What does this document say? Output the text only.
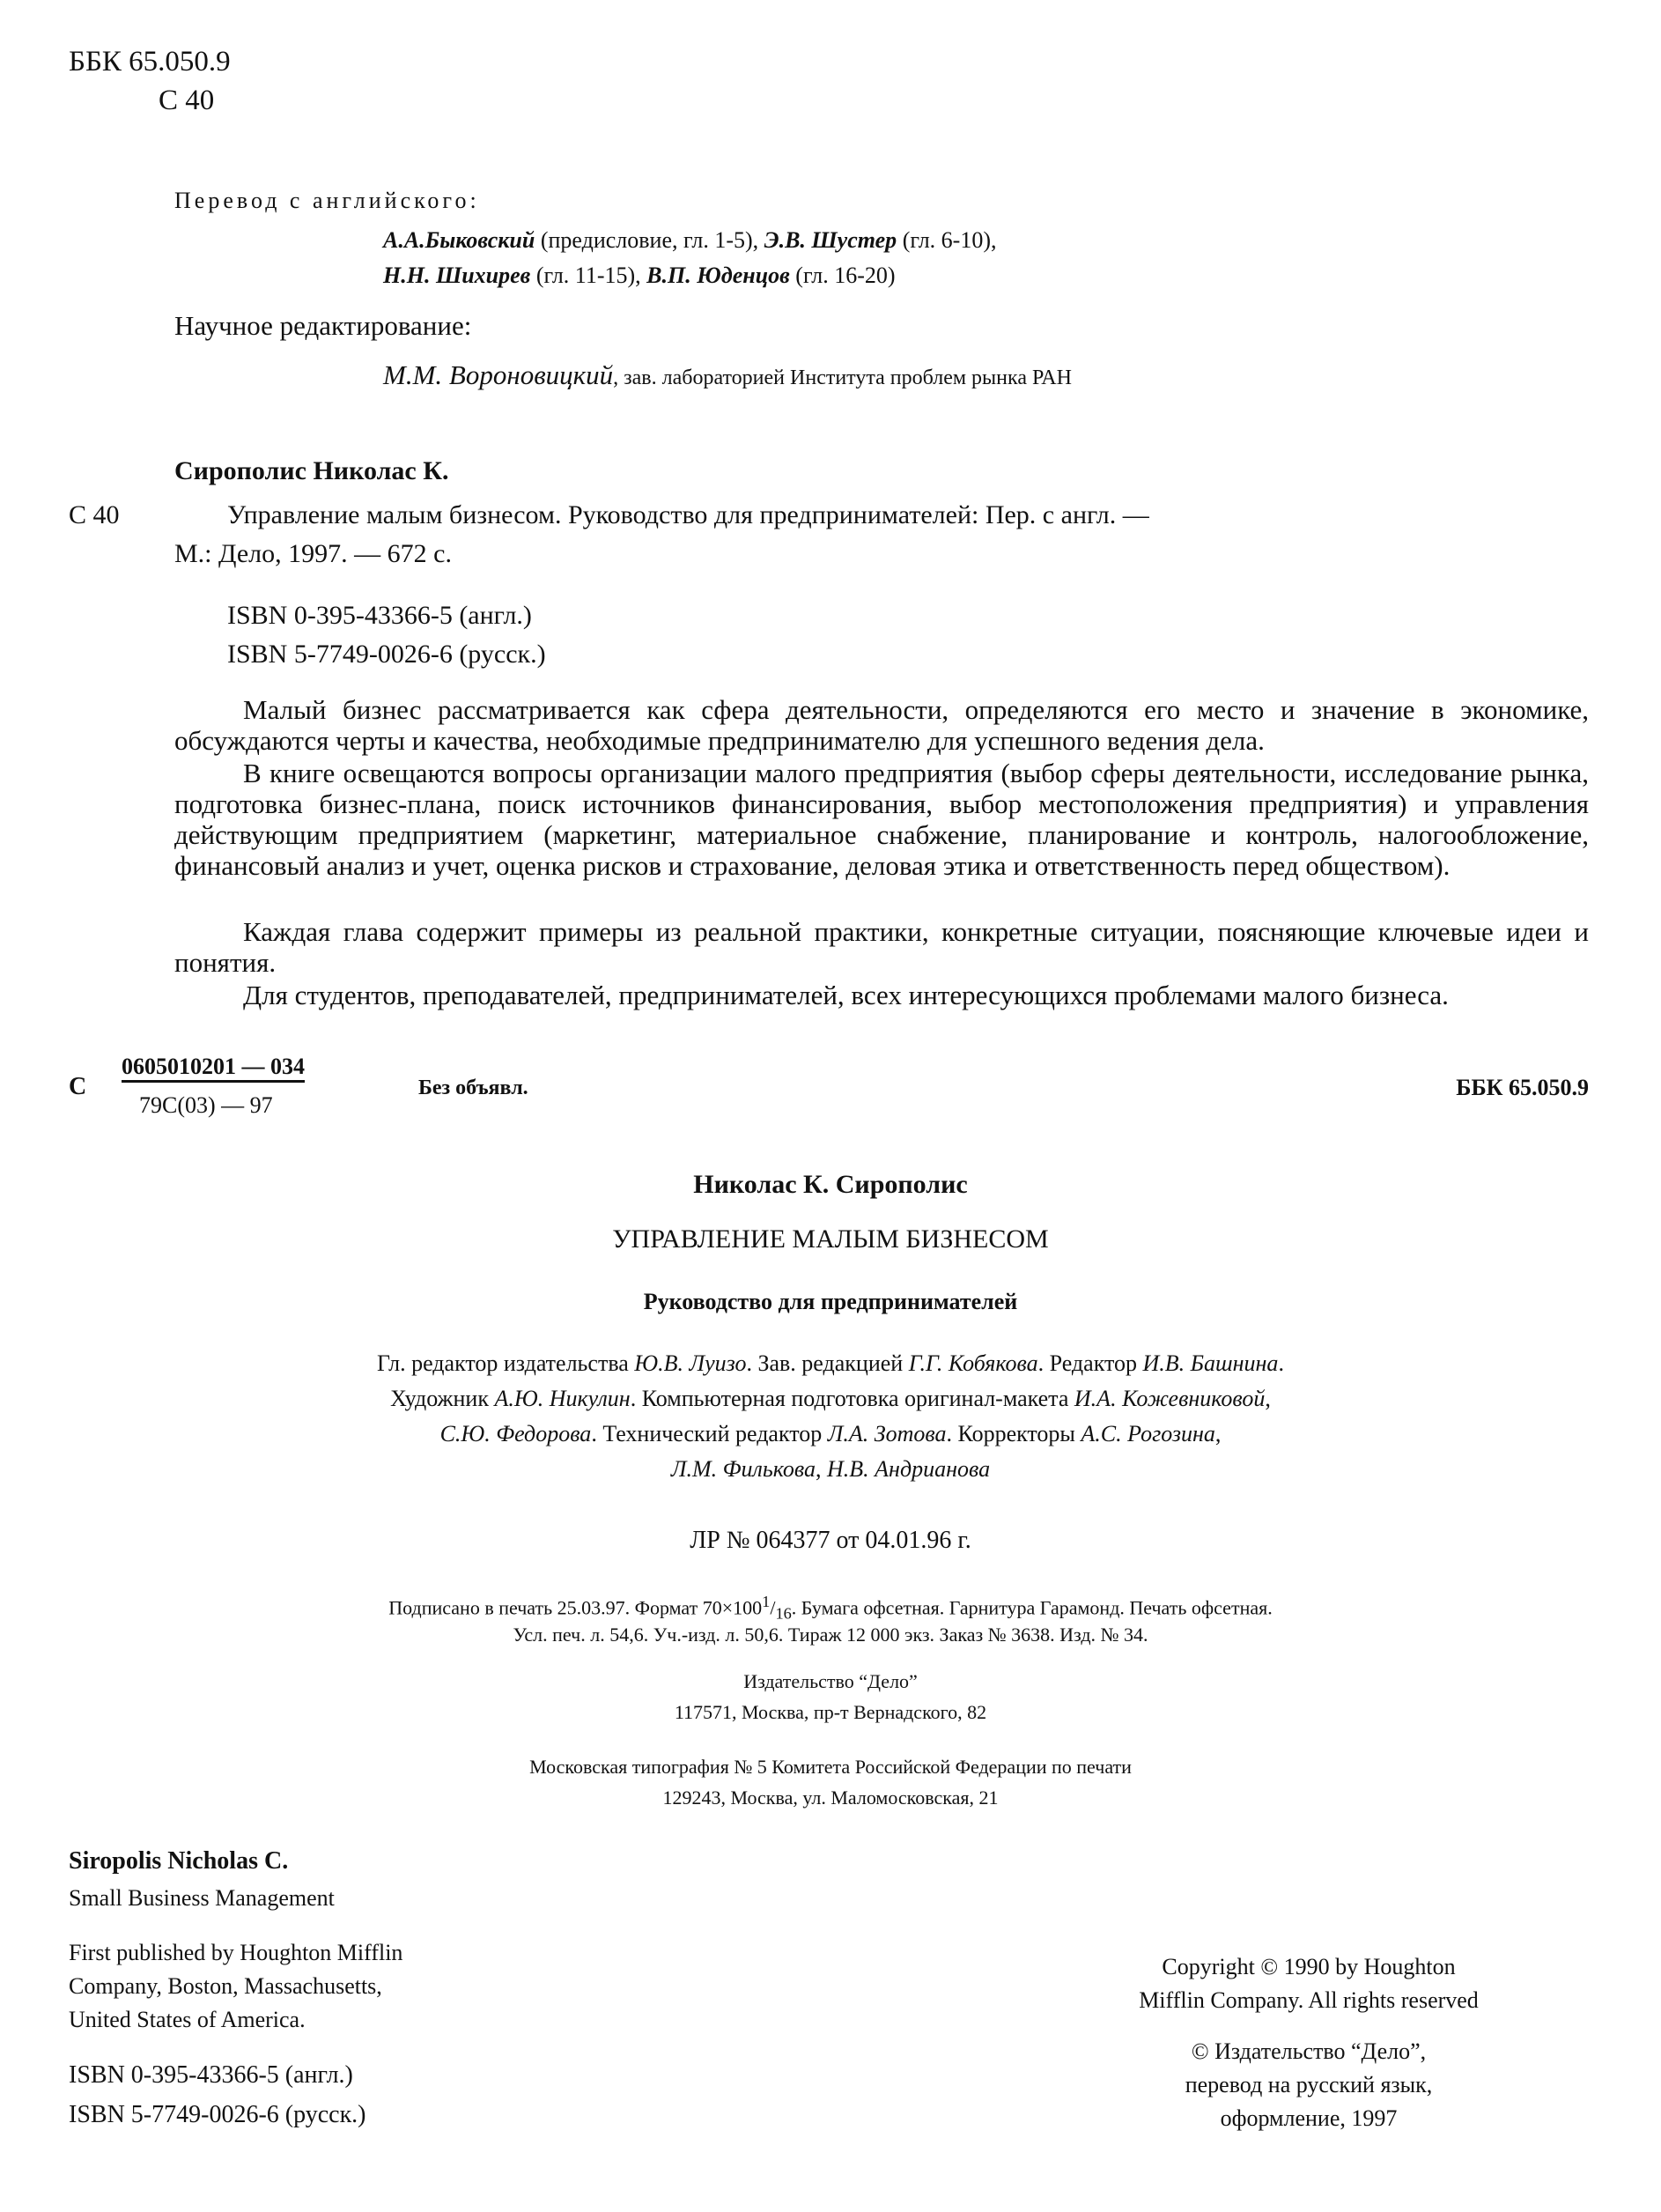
ББК 65.050.9
С 40
Перевод с английского:
А.А.Быковский (предисловие, гл. 1-5), Э.В. Шустер (гл. 6-10),
Н.Н. Шихирев (гл. 11-15), В.П. Юденцов (гл. 16-20)
Научное редактирование:
М.М. Вороновицкий, зав. лабораторией Института проблем рынка РАН
Сирополис Николас К.
С 40	Управление малым бизнесом. Руководство для предпринимателей: Пер. с англ. —
М.: Дело, 1997. — 672 с.
ISBN 0-395-43366-5 (англ.)
ISBN 5-7749-0026-6 (русск.)
Малый бизнес рассматривается как сфера деятельности, определяются его место и значение в экономике, обсуждаются черты и качества, необходимые предпринимателю для успешного ведения дела.
В книге освещаются вопросы организации малого предприятия (выбор сферы деятельности, исследование рынка, подготовка бизнес-плана, поиск источников финансирования, выбор местоположения предприятия) и управления действующим предприятием (маркетинг, материальное снабжение, планирование и контроль, налогообложение, финансовый анализ и учет, оценка рисков и страхование, деловая этика и ответственность перед обществом).
Каждая глава содержит примеры из реальной практики, конкретные ситуации, поясняющие ключевые идеи и понятия.
Для студентов, преподавателей, предпринимателей, всех интересующихся проблемами малого бизнеса.
С
0605010201 — 034
79С(03) — 97
Без объявл.	ББК 65.050.9
Николас К. Сирополис
УПРАВЛЕНИЕ МАЛЫМ БИЗНЕСОМ
Руководство для предпринимателей
Гл. редактор издательства Ю.В. Луизо. Зав. редакцией Г.Г. Кобякова. Редактор И.В. Башнина.
Художник А.Ю. Никулин. Компьютерная подготовка оригинал-макета И.А. Кожевниковой,
С.Ю. Федорова. Технический редактор Л.А. Зотова. Корректоры А.С. Рогозина,
Л.М. Филькова, Н.В. Андрианова
ЛР № 064377 от 04.01.96 г.
Подписано в печать 25.03.97. Формат $70\times 100^1/_{16}$. Бумага офсетная. Гарнитура Гарамонд. Печать офсетная.
Усл. печ. л. 54,6. Уч.-изд. л. 50,6. Тираж 12 000 экз. Заказ № 3638. Изд. № 34.
Издательство “Дело”
117571, Москва, пр-т Вернадского, 82
Московская типография № 5 Комитета Российской Федерации по печати
129243, Москва, ул. Маломосковская, 21
Siropolis Nicholas C.
Small Business Management
First published by Houghton Mifflin
Company, Boston, Massachusetts,
United States of America.
ISBN 0-395-43366-5 (англ.)
ISBN 5-7749-0026-6 (русск.)
Copyright © 1990 by Houghton
Mifflin Company. All rights reserved
© Издательство “Дело”,
перевод на русский язык,
оформление, 1997
